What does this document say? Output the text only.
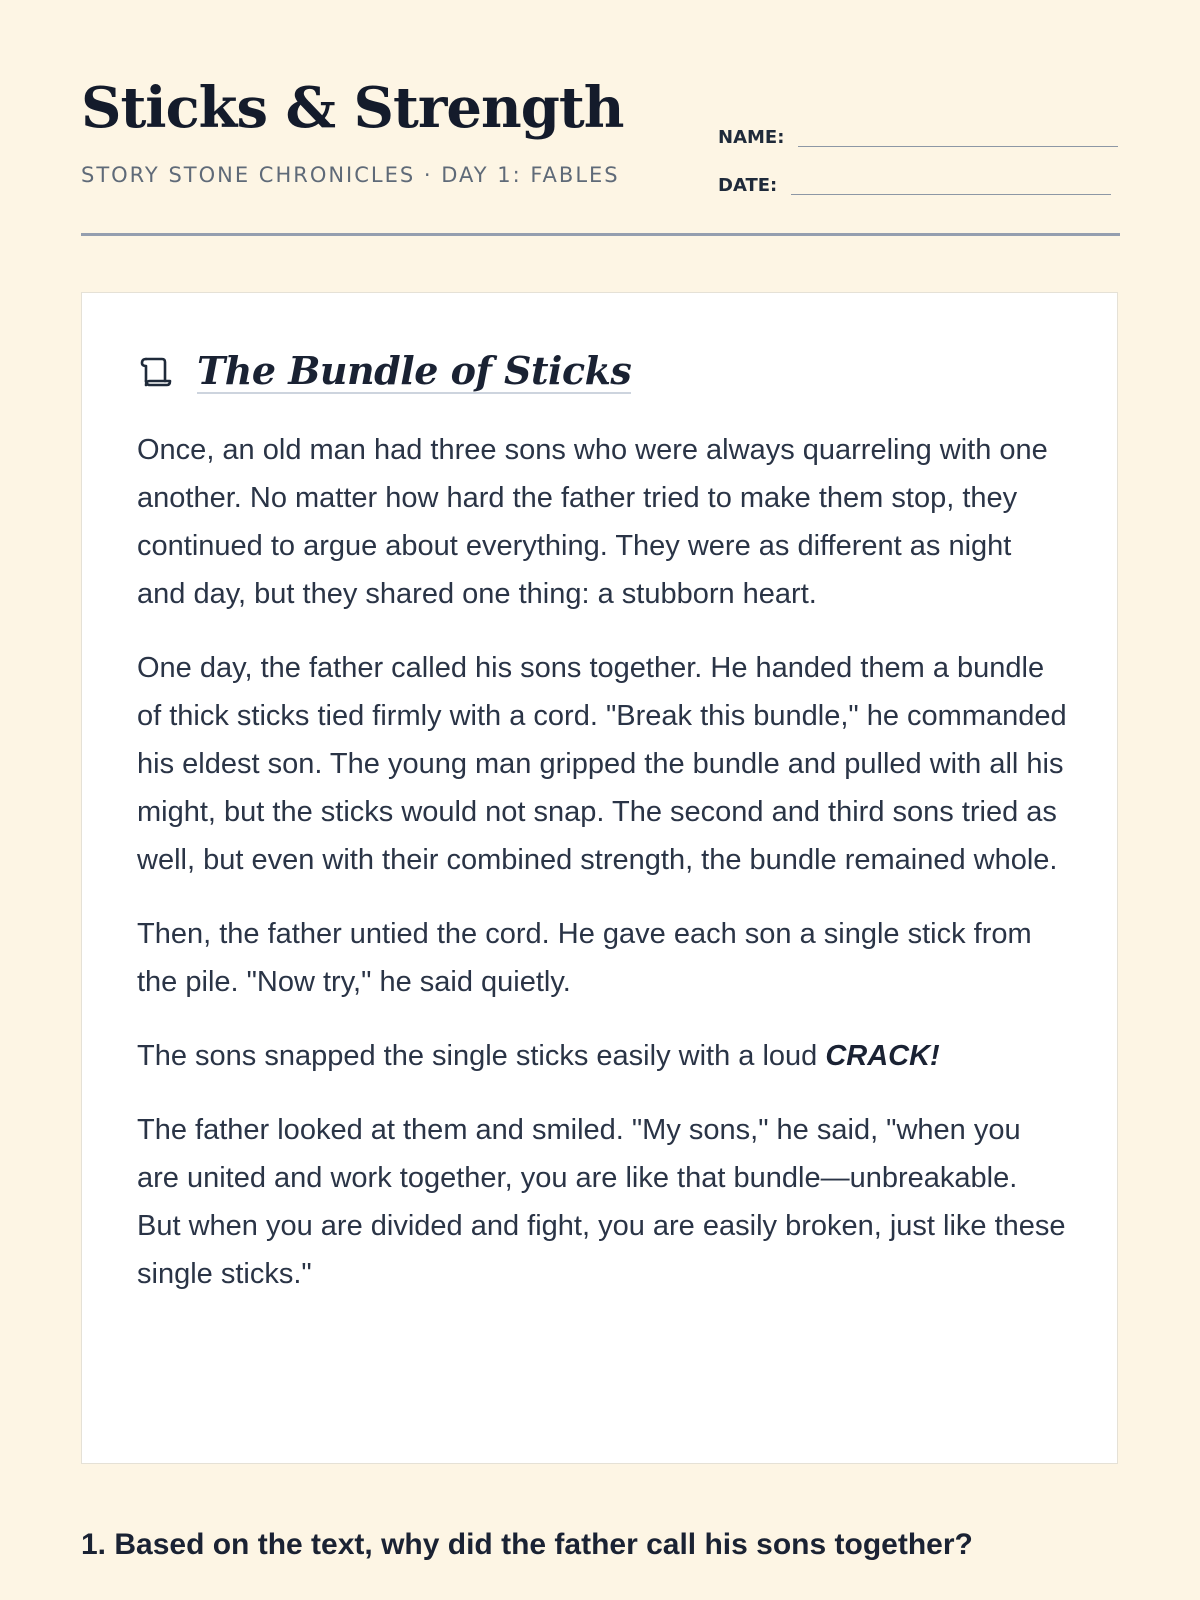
Sticks & Strength

STORY STONE CHRONICLES · DAY 1: FABLES

NAME:
DATE:
The Bundle of Sticks

Once, an old man had three sons who were always quarreling with one another. No matter how hard the father tried to make them stop, they continued to argue about everything. They were as different as night and day, but they shared one thing: a stubborn heart.

One day, the father called his sons together. He handed them a bundle of thick sticks tied firmly with a cord. "Break this bundle," he commanded his eldest son. The young man gripped the bundle and pulled with all his might, but the sticks would not snap. The second and third sons tried as well, but even with their combined strength, the bundle remained whole.

Then, the father untied the cord. He gave each son a single stick from the pile. "Now try," he said quietly.

The sons snapped the single sticks easily with a loud CRACK!

The father looked at them and smiled. "My sons," he said, "when you are united and work together, you are like that bundle—unbreakable. But when you are divided and fight, you are easily broken, just like these single sticks."

1. Based on the text, why did the father call his sons together?
